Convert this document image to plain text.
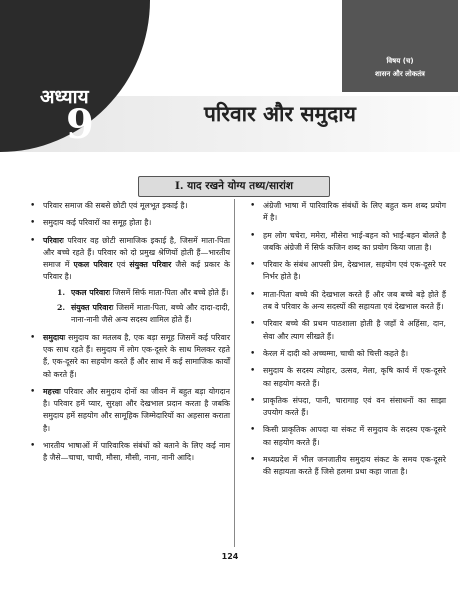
अध्याय
9	परिवार और समुदाय
विषय (च)
शासन और लोकतंत्र
I. याद रखने योग्य तथ्य/सारांश
• परिवार समाज की सबसे छोटी एवं मूलभूत इकाई है।
• समुदाय कई परिवारों का समूह होता है।
• परिवारः परिवार वह छोटी सामाजिक इकाई है, जिसमें माता-पिता और बच्चे रहते हैं। परिवार को दो प्रमुख श्रेणियों होती हैं—भारतीय समाज में एकल परिवार एवं संयुक्त परिवार जैसे कई प्रकार के परिवार है।
1. एकल परिवारः जिसमें सिर्फ माता-पिता और बच्चे होते हैं।
2. संयुक्त परिवारः जिसमें माता-पिता, बच्चे और दादा-दादी, नाना-नानी जैसे अन्य सदस्य शामिल होते हैं।
• समुदायः समुदाय का मतलब है, एक बड़ा समूह जिसमें कई परिवार एक साथ रहते हैं। समुदाय में लोग एक-दूसरे के साथ मिलकर रहते हैं, एक-दूसरे का सहयोग करते हैं और साथ में कई सामाजिक कार्यों को करते हैं।
• महत्त्वः परिवार और समुदाय दोनों का जीवन में बहुत बड़ा योगदान है। परिवार हमें प्यार, सुरक्षा और देखभाल प्रदान करता है जबकि समुदाय हमें सहयोग और सामूहिक जिम्मेदारियों का अहसास कराता है।
• भारतीय भाषाओं में पारिवारिक संबंधों को बताने के लिए कई नाम है जैसे—चाचा, चाची, मौसा, मौसी, नाना, नानी आदि।
• अंग्रेजी भाषा में पारिवारिक संबंधों के लिए बहुत कम शब्द प्रयोग में है।
• हम लोग चचेरा, ममेरा, मौसेरा भाई-बहन को भाई-बहन बोलते है जबकि अंग्रेजी में सिर्फ कजिन शब्द का प्रयोग किया जाता है।
• परिवार के संबंध आपसी प्रेम, देखभाल, सहयोग एवं एक-दूसरे पर निर्भर होते है।
• माता-पिता बच्चे की देखभाल करते हैं और जब बच्चे बड़े होते हैं तब वे परिवार के अन्य सदस्यों की सहायता एवं देखभाल करते हैं।
• परिवार बच्चे की प्रथम पाठशाला होती है जहाँ वे अहिंसा, दान, सेवा और त्याग सीखते हैं।
• केरल में दादी को अच्चम्मा, चाची को चित्ती कहते है।
• समुदाय के सदस्य त्योहार, उत्सव, मेला, कृषि कार्य में एक-दूसरे का सहयोग करते हैं।
• प्राकृतिक संपदा, पानी, चारागाह एवं वन संसाधनों का साझा उपयोग करते हैं।
• किसी प्राकृतिक आपदा या संकट में समुदाय के सदस्य एक-दूसरे का सहयोग करते हैं।
• मध्यप्रदेश में भील जनजातीय समुदाय संकट के समय एक-दूसरे की सहायता करते हैं जिसे हलमा प्रथा कहा जाता है।
124
